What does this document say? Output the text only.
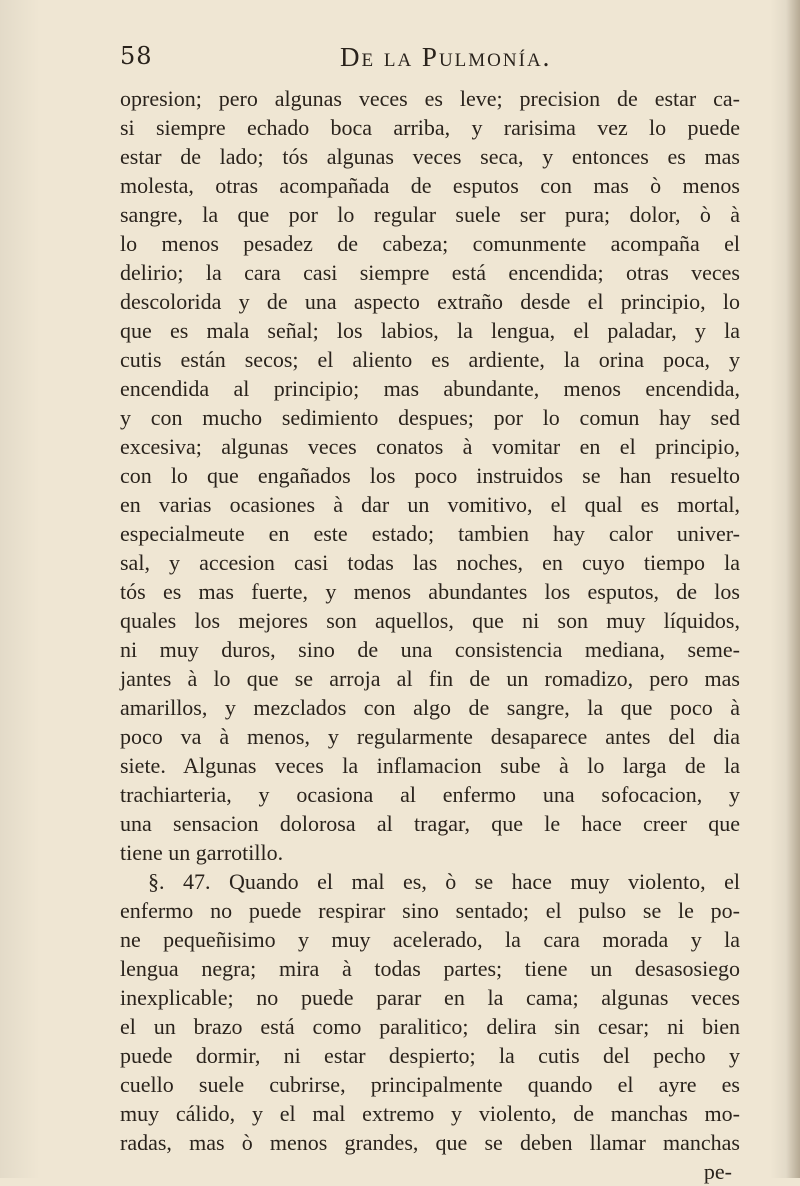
58	De la Pulmonía.
opresion; pero algunas veces es leve; precision de estar ca-
si siempre echado boca arriba, y rarisima vez lo puede
estar de lado; tós algunas veces seca, y entonces es mas
molesta, otras acompañada de esputos con mas ò menos
sangre, la que por lo regular suele ser pura; dolor, ò à
lo menos pesadez de cabeza; comunmente acompaña el
delirio; la cara casi siempre está encendida; otras veces
descolorida y de una aspecto extraño desde el principio, lo
que es mala señal; los labios, la lengua, el paladar, y la
cutis están secos; el aliento es ardiente, la orina poca, y
encendida al principio; mas abundante, menos encendida,
y con mucho sedimiento despues; por lo comun hay sed
excesiva; algunas veces conatos à vomitar en el principio,
con lo que engañados los poco instruidos se han resuelto
en varias ocasiones à dar un vomitivo, el qual es mortal,
especialmeute en este estado; tambien hay calor univer-
sal, y accesion casi todas las noches, en cuyo tiempo la
tós es mas fuerte, y menos abundantes los esputos, de los
quales los mejores son aquellos, que ni son muy líquidos,
ni muy duros, sino de una consistencia mediana, seme-
jantes à lo que se arroja al fin de un romadizo, pero mas
amarillos, y mezclados con algo de sangre, la que poco à
poco va à menos, y regularmente desaparece antes del dia
siete. Algunas veces la inflamacion sube à lo larga de la
trachiarteria, y ocasiona al enfermo una sofocacion, y
una sensacion dolorosa al tragar, que le hace creer que
tiene un garrotillo.
§. 47. Quando el mal es, ò se hace muy violento, el
enfermo no puede respirar sino sentado; el pulso se le po-
ne pequeñisimo y muy acelerado, la cara morada y la
lengua negra; mira à todas partes; tiene un desasosiego
inexplicable; no puede parar en la cama; algunas veces
el un brazo está como paralitico; delira sin cesar; ni bien
puede dormir, ni estar despierto; la cutis del pecho y
cuello suele cubrirse, principalmente quando el ayre es
muy cálido, y el mal extremo y violento, de manchas mo-
radas, mas ò menos grandes, que se deben llamar manchas
pe-
